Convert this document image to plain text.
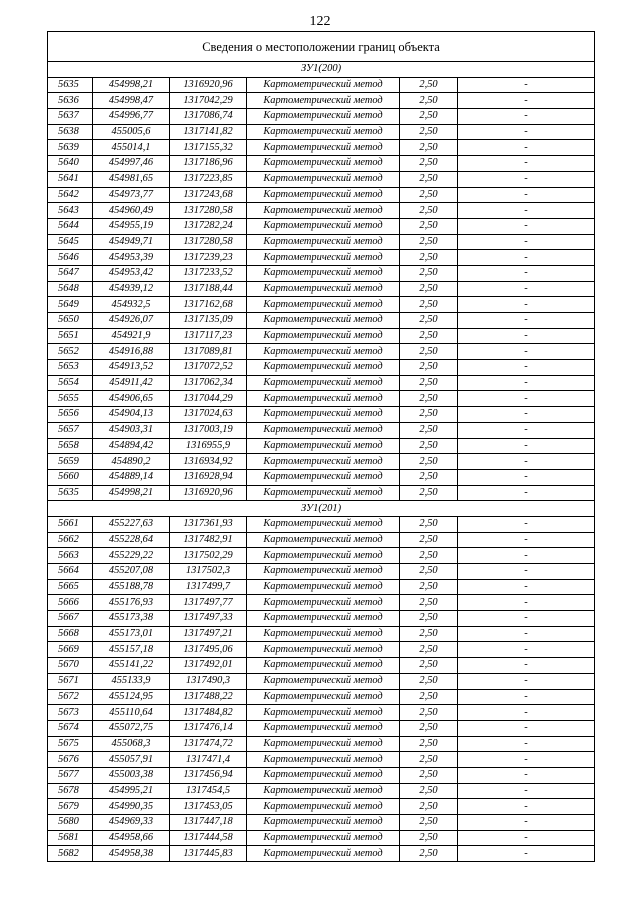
122
Сведения о местоположении границ объекта					
ЗУ1(200)					
5635	454998,21	1316920,96	Картометрический метод	2,50	-
5636	454998,47	1317042,29	Картометрический метод	2,50	-
5637	454996,77	1317086,74	Картометрический метод	2,50	-
5638	455005,6	1317141,82	Картометрический метод	2,50	-
5639	455014,1	1317155,32	Картометрический метод	2,50	-
5640	454997,46	1317186,96	Картометрический метод	2,50	-
5641	454981,65	1317223,85	Картометрический метод	2,50	-
5642	454973,77	1317243,68	Картометрический метод	2,50	-
5643	454960,49	1317280,58	Картометрический метод	2,50	-
5644	454955,19	1317282,24	Картометрический метод	2,50	-
5645	454949,71	1317280,58	Картометрический метод	2,50	-
5646	454953,39	1317239,23	Картометрический метод	2,50	-
5647	454953,42	1317233,52	Картометрический метод	2,50	-
5648	454939,12	1317188,44	Картометрический метод	2,50	-
5649	454932,5	1317162,68	Картометрический метод	2,50	-
5650	454926,07	1317135,09	Картометрический метод	2,50	-
5651	454921,9	1317117,23	Картометрический метод	2,50	-
5652	454916,88	1317089,81	Картометрический метод	2,50	-
5653	454913,52	1317072,52	Картометрический метод	2,50	-
5654	454911,42	1317062,34	Картометрический метод	2,50	-
5655	454906,65	1317044,29	Картометрический метод	2,50	-
5656	454904,13	1317024,63	Картометрический метод	2,50	-
5657	454903,31	1317003,19	Картометрический метод	2,50	-
5658	454894,42	1316955,9	Картометрический метод	2,50	-
5659	454890,2	1316934,92	Картометрический метод	2,50	-
5660	454889,14	1316928,94	Картометрический метод	2,50	-
5635	454998,21	1316920,96	Картометрический метод	2,50	-
ЗУ1(201)					
5661	455227,63	1317361,93	Картометрический метод	2,50	-
5662	455228,64	1317482,91	Картометрический метод	2,50	-
5663	455229,22	1317502,29	Картометрический метод	2,50	-
5664	455207,08	1317502,3	Картометрический метод	2,50	-
5665	455188,78	1317499,7	Картометрический метод	2,50	-
5666	455176,93	1317497,77	Картометрический метод	2,50	-
5667	455173,38	1317497,33	Картометрический метод	2,50	-
5668	455173,01	1317497,21	Картометрический метод	2,50	-
5669	455157,18	1317495,06	Картометрический метод	2,50	-
5670	455141,22	1317492,01	Картометрический метод	2,50	-
5671	455133,9	1317490,3	Картометрический метод	2,50	-
5672	455124,95	1317488,22	Картометрический метод	2,50	-
5673	455110,64	1317484,82	Картометрический метод	2,50	-
5674	455072,75	1317476,14	Картометрический метод	2,50	-
5675	455068,3	1317474,72	Картометрический метод	2,50	-
5676	455057,91	1317471,4	Картометрический метод	2,50	-
5677	455003,38	1317456,94	Картометрический метод	2,50	-
5678	454995,21	1317454,5	Картометрический метод	2,50	-
5679	454990,35	1317453,05	Картометрический метод	2,50	-
5680	454969,33	1317447,18	Картометрический метод	2,50	-
5681	454958,66	1317444,58	Картометрический метод	2,50	-
5682	454958,38	1317445,83	Картометрический метод	2,50	-
